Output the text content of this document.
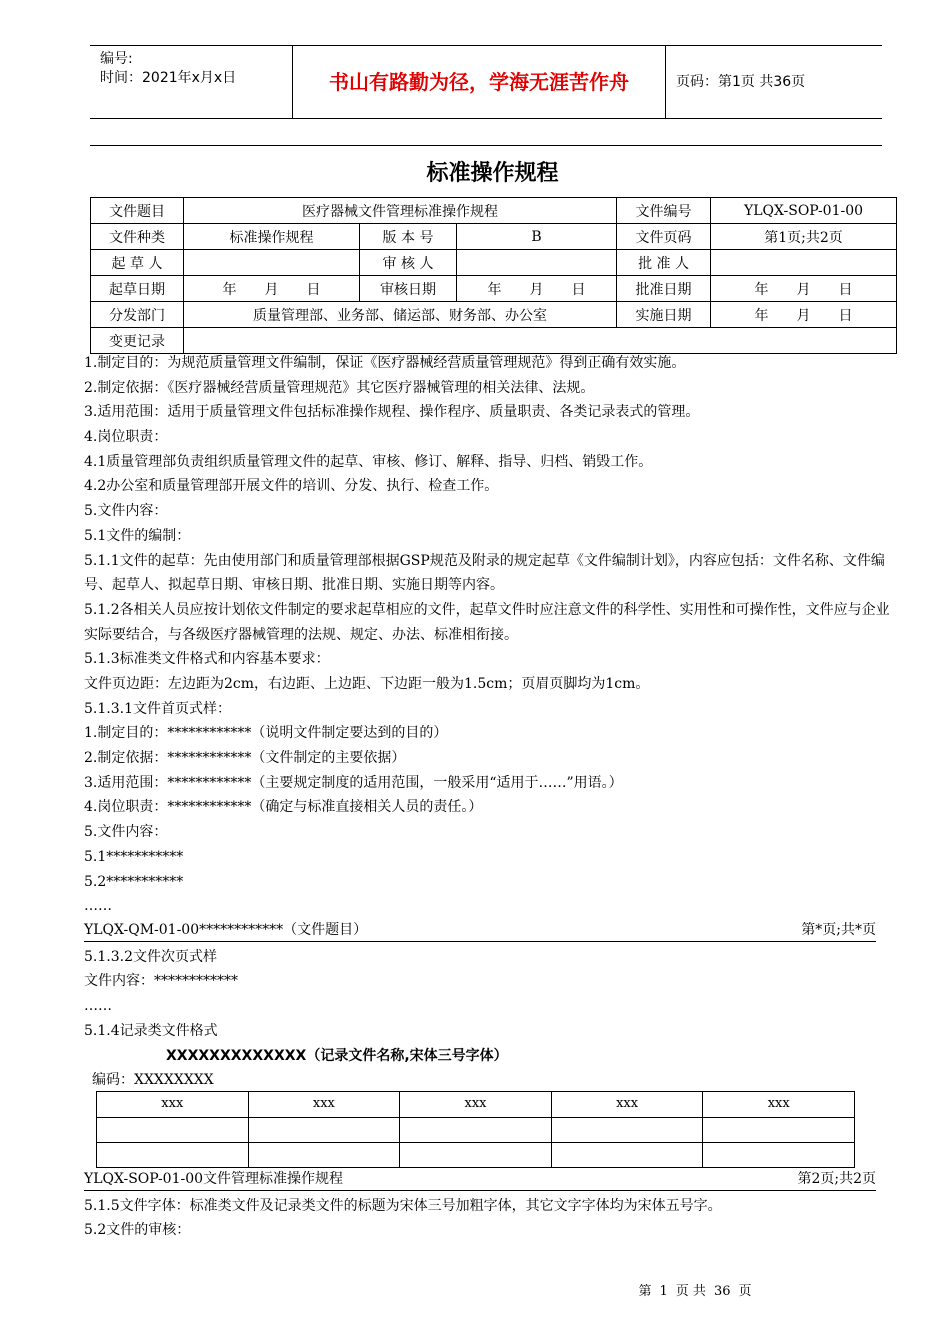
编号:
时间：2021年x月x日	书山有路勤为径，学海无涯苦作舟	页码：第1页 共36页
标准操作规程
文件题目	医疗器械文件管理标准操作规程			文件编号	YLQX-SOP-01-00
文件种类	标准操作规程	版 本 号	B	文件页码	第1页;共2页
起 草 人		审 核 人		批 准 人	
起草日期	年　　月　　日	审核日期	年　　月　　日	批准日期	年　　月　　日
分发部门	质量管理部、业务部、储运部、财务部、办公室			实施日期	年　　月　　日
变更记录					

1.制定目的：为规范质量管理文件编制，保证《医疗器械经营质量管理规范》得到正确有效实施。

2.制定依据：《医疗器械经营质量管理规范》其它医疗器械管理的相关法律、法规。

3.适用范围：适用于质量管理文件包括标准操作规程、操作程序、质量职责、各类记录表式的管理。

4.岗位职责：

4.1质量管理部负责组织质量管理文件的起草、审核、修订、解释、指导、归档、销毁工作。

4.2办公室和质量管理部开展文件的培训、分发、执行、检查工作。

5.文件内容：

5.1文件的编制：

5.1.1文件的起草：先由使用部门和质量管理部根据GSP规范及附录的规定起草《文件编制计划》，内容应包括：文件名称、文件编号、起草人、拟起草日期、审核日期、批准日期、实施日期等内容。

5.1.2各相关人员应按计划依文件制定的要求起草相应的文件，起草文件时应注意文件的科学性、实用性和可操作性，文件应与企业实际要结合，与各级医疗器械管理的法规、规定、办法、标准相衔接。

5.1.3标准类文件格式和内容基本要求：

文件页边距：左边距为2cm，右边距、上边距、下边距一般为1.5cm；页眉页脚均为1cm。

5.1.3.1文件首页式样：

1.制定目的：************（说明文件制定要达到的目的）

2.制定依据：************（文件制定的主要依据）

3.适用范围：************（主要规定制度的适用范围，一般采用“适用于……”用语。）

4.岗位职责：************（确定与标准直接相关人员的责任。）

5.文件内容：

5.1***********

5.2***********

……

YLQX-QM-01-00************（文件题目）	第*页;共*页

5.1.3.2文件次页式样

文件内容：************

……

5.1.4记录类文件格式

XXXXXXXXXXXXX（记录文件名称,宋体三号字体）
编码：XXXXXXXX
xxx	xxx	xxx	xxx	xxx

YLQX-SOP-01-00文件管理标准操作规程	第2页;共2页

5.1.5文件字体：标准类文件及记录类文件的标题为宋体三号加粗字体，其它文字字体均为宋体五号字。

5.2文件的审核：

第 1 页 共 36 页
